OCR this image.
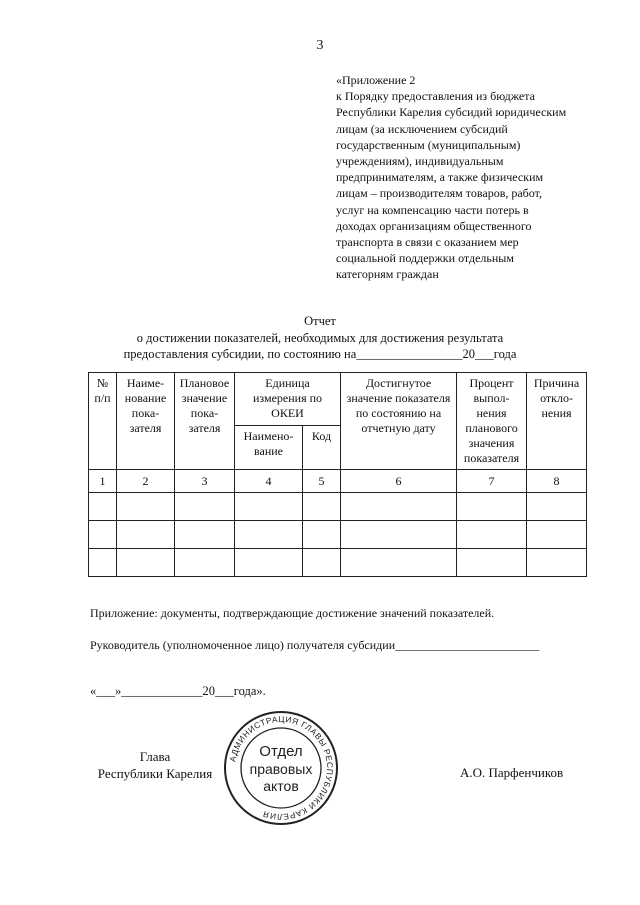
3
«Приложение 2
к Порядку предоставления из бюджета
Республики Карелия субсидий юридическим
лицам (за исключением субсидий
государственным (муниципальным)
учреждениям), индивидуальным
предпринимателям, а также физическим
лицам – производителям товаров, работ,
услуг на компенсацию части потерь в
доходах организациям общественного
транспорта в связи с оказанием мер
социальной поддержки отдельным
категорням граждан
Отчет
о достижении показателей, необходимых для достижения результата
предоставления субсидии, по состоянию на_________________20___года
№ п/п	Наиме-нование пока-зателя	Плановое значение пока-зателя	Единица измерения по ОКЕИ		Достигнутое значение показателя по состоянию на отчетную дату	Процент выпол-нения планового значения показателя	Причина откло-нения
			Наимено-вание	Код			
1	2	3	4	5	6	7	8

Приложение: документы, подтверждающие достижение значений показателей.
Руководитель (уполномоченное лицо) получателя субсидии________________________
«___»_____________20___года».
Глава
Республики Карелия
АДМИНИСТРАЦИЯ ГЛАВЫ РЕСПУБЛИКИ КАРЕЛИЯ
Отдел
правовых
актов
А.О. Парфенчиков
